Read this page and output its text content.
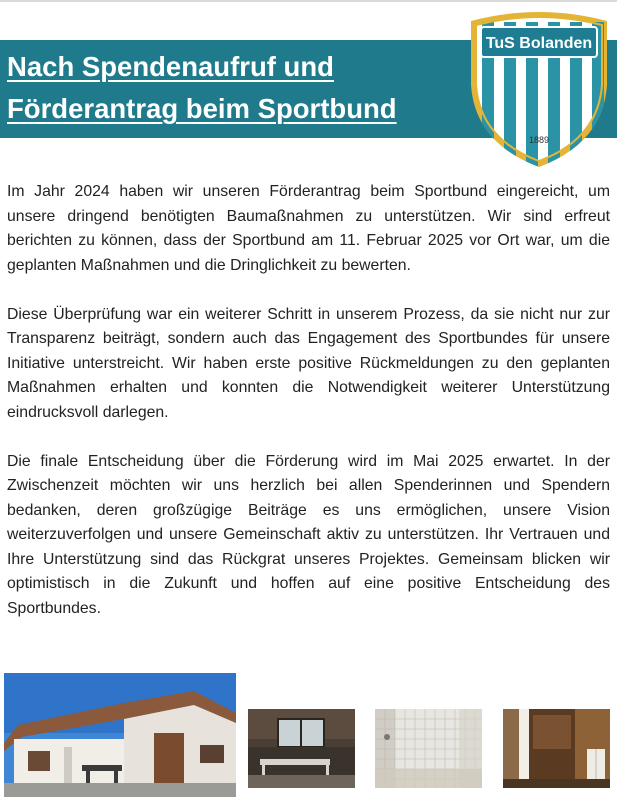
Nach Spendenaufruf und
Förderantrag beim Sportbund
TuS Bolanden
1889

Im Jahr 2024 haben wir unseren Förderantrag beim Sportbund eingereicht, um unsere dringend benötigten Baumaßnahmen zu unterstützen. Wir sind erfreut berichten zu können, dass der Sportbund am 11. Februar 2025 vor Ort war, um die geplanten Maßnahmen und die Dringlichkeit zu bewerten.

Diese Überprüfung war ein weiterer Schritt in unserem Prozess, da sie nicht nur zur Transparenz beiträgt, sondern auch das Engagement des Sportbundes für unsere Initiative unterstreicht. Wir haben erste positive Rückmeldungen zu den geplanten Maßnahmen erhalten und konnten die Notwendigkeit weiterer Unterstützung eindrucksvoll darlegen.

Die finale Entscheidung über die Förderung wird im Mai 2025 erwartet. In der Zwischenzeit möchten wir uns herzlich bei allen Spenderinnen und Spendern bedanken, deren großzügige Beiträge es uns ermöglichen, unsere Vision weiterzuverfolgen und unsere Gemeinschaft aktiv zu unterstützen. Ihr Vertrauen und Ihre Unterstützung sind das Rückgrat unseres Projektes. Gemeinsam blicken wir optimistisch in die Zukunft und hoffen auf eine positive Entscheidung des Sportbundes.
